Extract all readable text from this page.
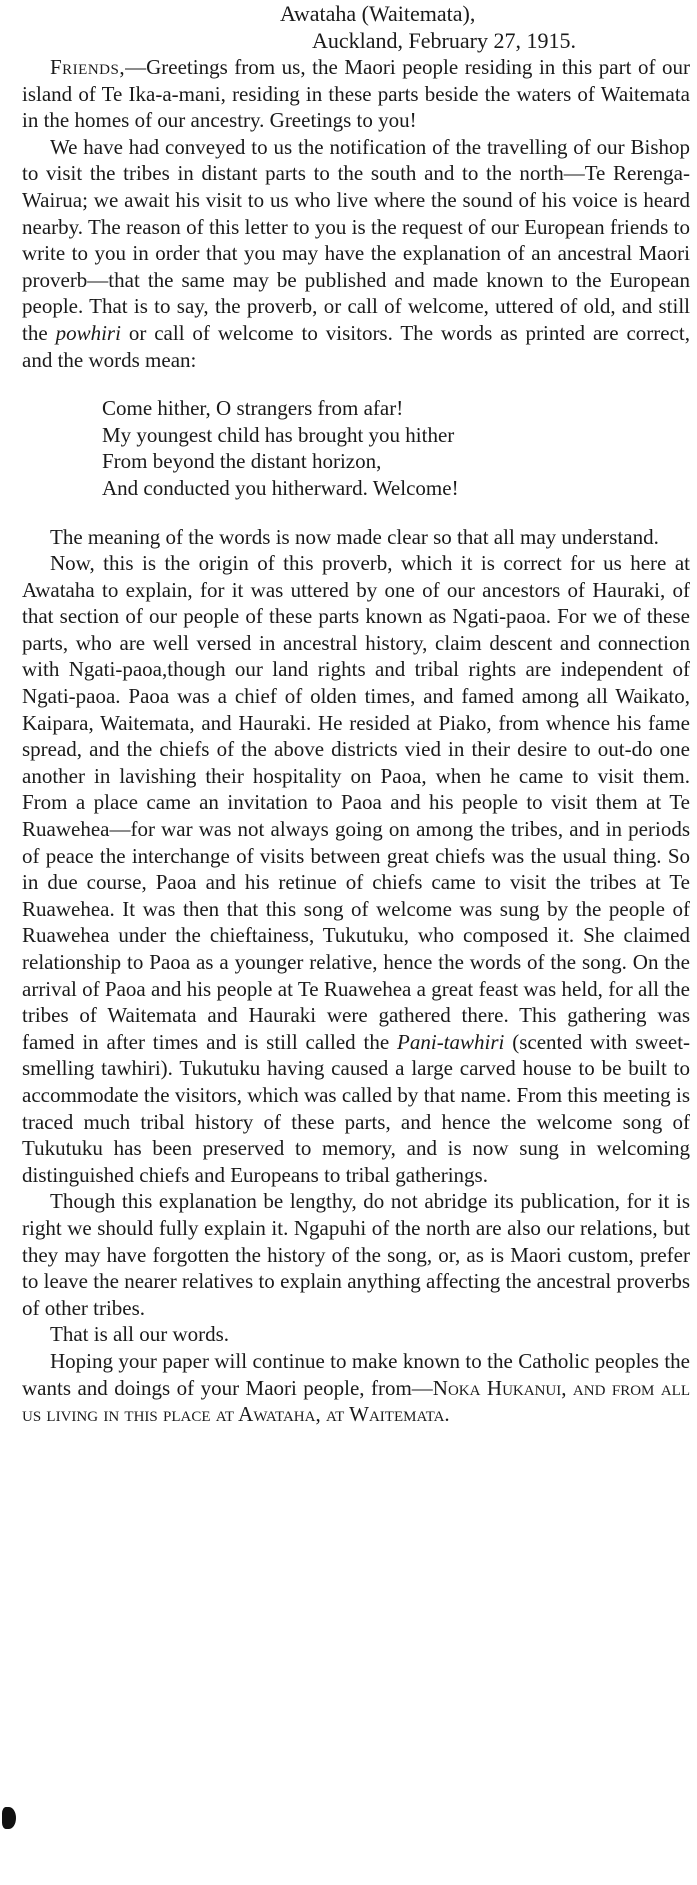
Awataha (Waitemata),
Auckland, February 27, 1915.

Friends,—Greetings from us, the Maori people residing in this part of our island of Te Ika-a-mani, residing in these parts beside the waters of Waitemata in the homes of our ancestry. Greetings to you!

We have had conveyed to us the notification of the travelling of our Bishop to visit the tribes in distant parts to the south and to the north—Te Rerenga-Wairua; we await his visit to us who live where the sound of his voice is heard nearby. The reason of this letter to you is the request of our European friends to write to you in order that you may have the explanation of an ancestral Maori proverb—that the same may be published and made known to the European people. That is to say, the proverb, or call of welcome, uttered of old, and still the powhiri or call of welcome to visitors. The words as printed are correct, and the words mean:

Come hither, O strangers from afar!
My youngest child has brought you hither
From beyond the distant horizon,
And conducted you hitherward. Welcome!

The meaning of the words is now made clear so that all may understand.

Now, this is the origin of this proverb, which it is correct for us here at Awataha to explain, for it was uttered by one of our ancestors of Hauraki, of that section of our people of these parts known as Ngati-paoa. For we of these parts, who are well versed in ancestral history, claim descent and connection with Ngati-paoa,though our land rights and tribal rights are independent of Ngati-paoa. Paoa was a chief of olden times, and famed among all Waikato, Kaipara, Waitemata, and Hauraki. He resided at Piako, from whence his fame spread, and the chiefs of the above districts vied in their desire to out-do one another in lavishing their hospitality on Paoa, when he came to visit them. From a place came an invitation to Paoa and his people to visit them at Te Ruawehea—for war was not always going on among the tribes, and in periods of peace the interchange of visits between great chiefs was the usual thing. So in due course, Paoa and his retinue of chiefs came to visit the tribes at Te Ruawehea. It was then that this song of welcome was sung by the people of Ruawehea under the chieftainess, Tukutuku, who composed it. She claimed relationship to Paoa as a younger relative, hence the words of the song. On the arrival of Paoa and his people at Te Ruawehea a great feast was held, for all the tribes of Waitemata and Hauraki were gathered there. This gathering was famed in after times and is still called the Pani-tawhiri (scented with sweet-smelling tawhiri). Tukutuku having caused a large carved house to be built to accommodate the visitors, which was called by that name. From this meeting is traced much tribal history of these parts, and hence the welcome song of Tukutuku has been preserved to memory, and is now sung in welcoming distinguished chiefs and Europeans to tribal gatherings.

Though this explanation be lengthy, do not abridge its publication, for it is right we should fully explain it. Ngapuhi of the north are also our relations, but they may have forgotten the history of the song, or, as is Maori custom, prefer to leave the nearer relatives to explain anything affecting the ancestral proverbs of other tribes.

That is all our words.

Hoping your paper will continue to make known to the Catholic peoples the wants and doings of your Maori people, from—Noka Hukanui, and from all us living in this place at Awataha, at Waitemata.
